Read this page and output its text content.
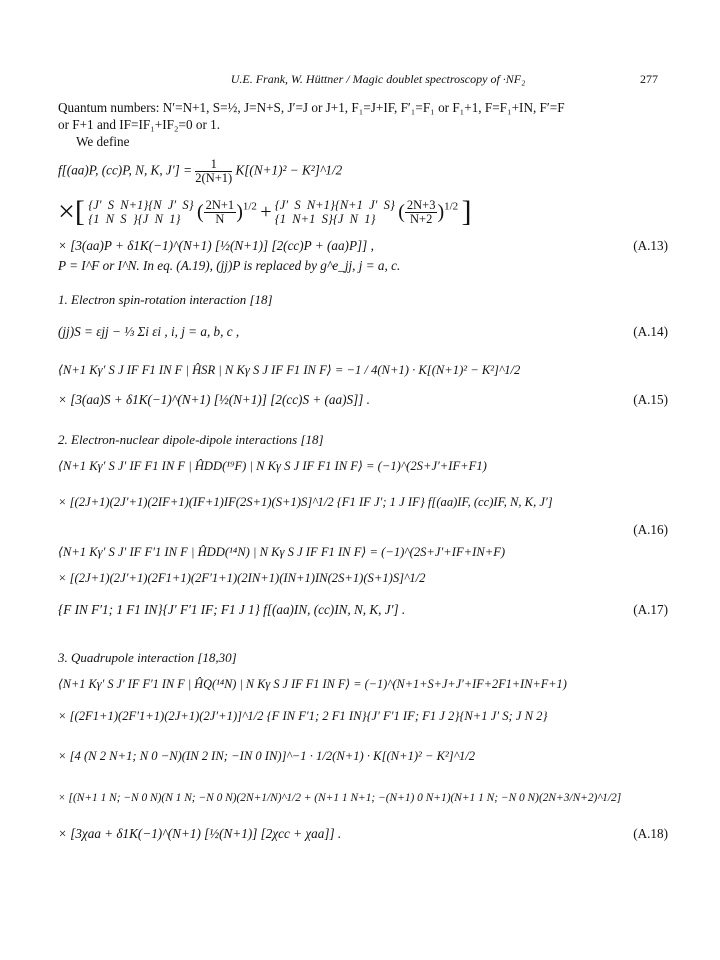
U.E. Frank, W. Hüttner / Magic doublet spectroscopy of ·NF₂	277
Quantum numbers: N′=N+1, S=½, J=N+S, J′=J or J+1, F₁=J+IF, F′₁=F₁ or F₁+1, F=F₁+IN, F′=F
or F+1 and IF=IF₁+IF₂=0 or 1.
We define
f[(aa)P, (cc)P, N, K, $J'] = \frac{1}{2(N+1)} K[(N+1)^2$ − K²]^1/2
×[ {J′  S  N+1}{N  J′  S}
{1  N  S  }{J  N  1} ( $\frac{2N+1}{N} )^{1/2} + \{J'$  S  N+1}{N+1  J′  S}
{1  N+1  S}{J  N  1}	( $\frac{2N+3}{N+2} )^{1/2}$ ]
× [3(aa)P + δ1K(−1)^(N+1) [½(N+1)] [2(cc)P + (aa)P]] ,	(A.13)
P = I^F or I^N. In eq. (A.19), (jj)P is replaced by g^e_jj, j = a, c.
1. Electron spin-rotation interaction [18]
(jj)S = εjj − ⅓ Σi εi , i, j = a, b, c ,	(A.14)
⟨N+1 Kγ′ S J IF F1 IN F | ĤSR | N Kγ S J IF F1 IN F⟩ = −1 / 4(N+1) · K[(N+1)² − K²]^1/2
× [3(aa)S + δ1K(−1)^(N+1) [½(N+1)] [2(cc)S + (aa)S]] .	(A.15)
2. Electron-nuclear dipole-dipole interactions [18]
⟨N+1 Kγ′ S J′ IF F1 IN F | ĤDD(¹⁹F) | N Kγ S J IF F1 IN F⟩ = (−1)^(2S+J′+IF+F1)
× [(2J+1)(2J′+1)(2IF+1)(IF+1)IF(2S+1)(S+1)S]^1/2 {F1 IF J′; 1 J IF} f[(aa)IF, (cc)IF, N, K, J′]
(A.16)
⟨N+1 Kγ′ S J′ IF F′1 IN F | ĤDD(¹⁴N) | N Kγ S J IF F1 IN F⟩ = (−1)^(2S+J′+IF+IN+F)
× [(2J+1)(2J′+1)(2F1+1)(2F′1+1)(2IN+1)(IN+1)IN(2S+1)(S+1)S]^1/2
{F IN F′1; 1 F1 IN}{J′ F′1 IF; F1 J 1} f[(aa)IN, (cc)IN, N, K, J′] .	(A.17)
3. Quadrupole interaction [18,30]
⟨N+1 Kγ′ S J′ IF F′1 IN F | ĤQ(¹⁴N) | N Kγ S J IF F1 IN F⟩ = (−1)^(N+1+S+J+J′+IF+2F1+IN+F+1)
× [(2F1+1)(2F′1+1)(2J+1)(2J′+1)]^1/2 {F IN F′1; 2 F1 IN}{J′ F′1 IF; F1 J 2}{N+1 J′ S; J N 2}
× [4 (N 2 N+1; N 0 −N)(IN 2 IN; −IN 0 IN)]^−1 · 1/2(N+1) · K[(N+1)² − K²]^1/2
× [(N+1 1 N; −N 0 N)(N 1 N; −N 0 N)(2N+1/N)^1/2 + (N+1 1 N+1; −(N+1) 0 N+1)(N+1 1 N; −N 0 N)(2N+3/N+2)^1/2]
× [3χaa + δ1K(−1)^(N+1) [½(N+1)] [2χcc + χaa]] .	(A.18)
